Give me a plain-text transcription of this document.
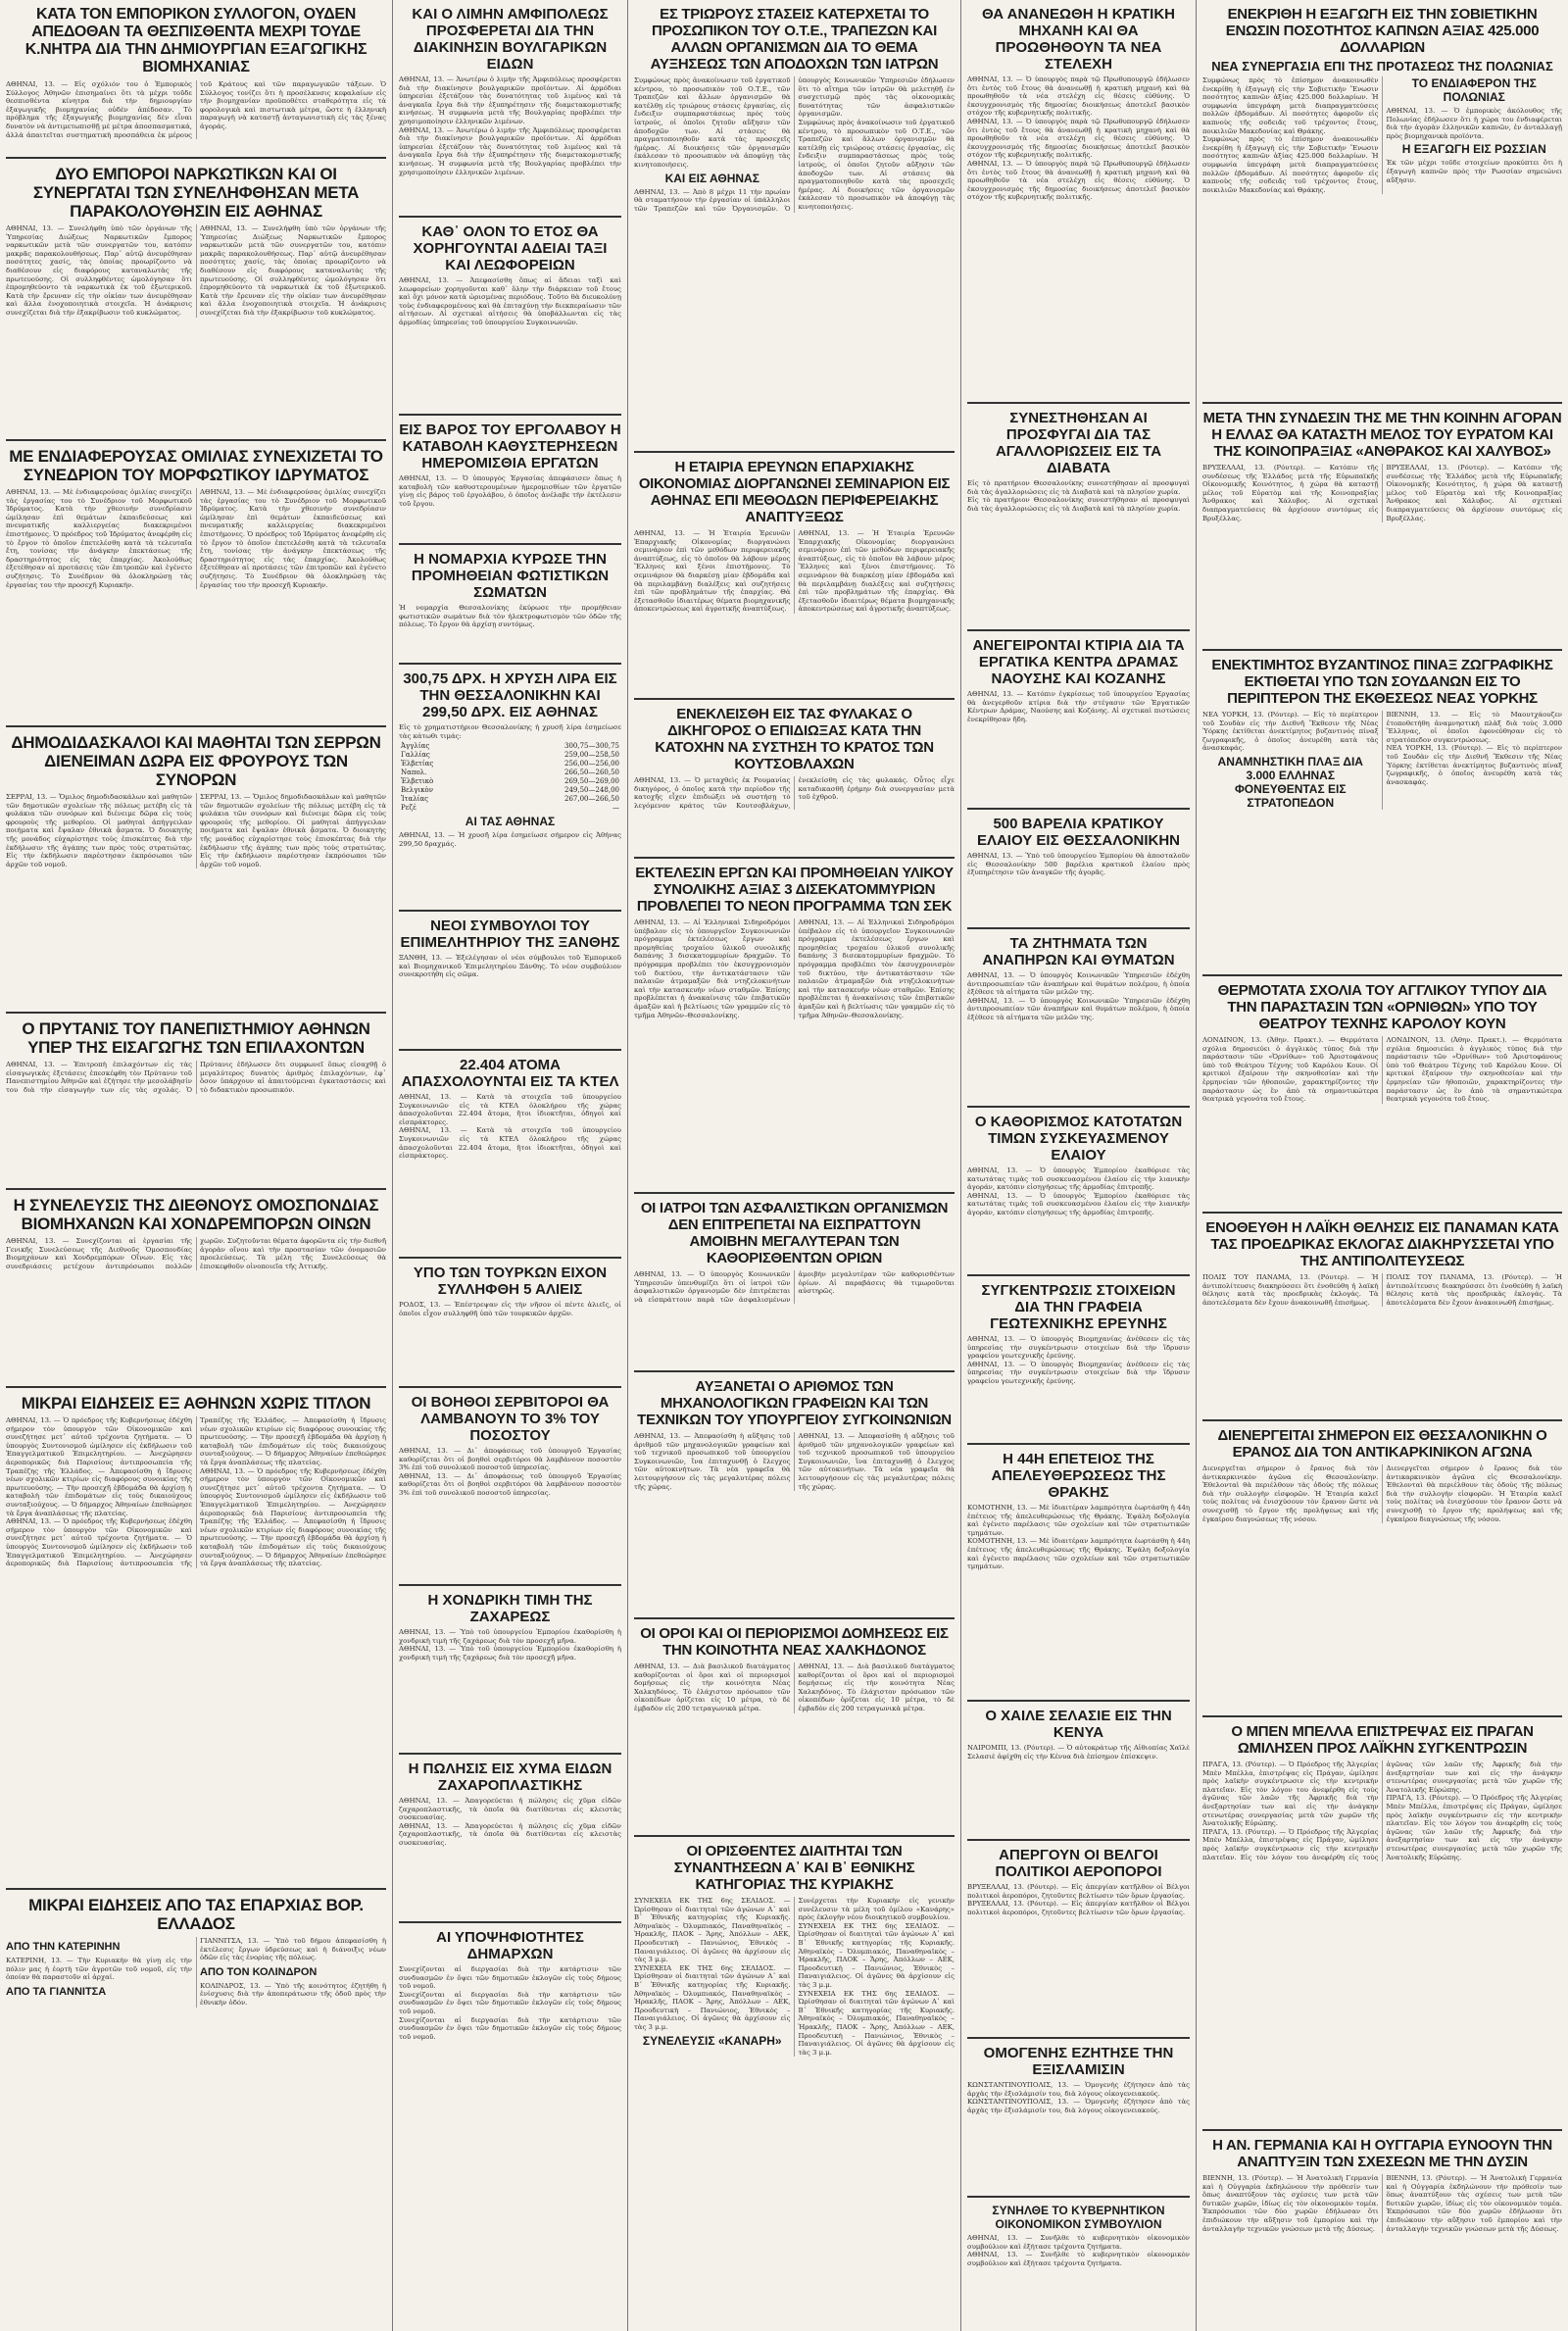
ΚΑΤΑ ΤΟΝ ΕΜΠΟΡΙΚΟΝ ΣΥΛΛΟΓΟΝ, ΟΥΔΕΝ ΑΠΕΔΟΘΑΝ ΤΑ ΘΕΣΠΙΣΘΕΝΤΑ ΜΕΧΡΙ ΤΟΥΔΕ Κ.ΝΗΤΡΑ ΔΙΑ ΤΗΝ ΔΗΜΙΟΥΡΓΙΑΝ ΕΞΑΓΩΓΙΚΗΣ ΒΙΟΜΗΧΑΝΙΑΣ

ΑΘΗΝΑΙ, 13. — Εἰς σχόλιόν του ὁ Ἐμπορικὸς Σύλλογος Ἀθηνῶν ἐπισημαίνει ὅτι τὰ μέχρι τοῦδε θεσπισθέντα κίνητρα διὰ τὴν δημιουργίαν ἐξαγωγικῆς βιομηχανίας οὐδὲν ἀπέδοσαν. Τὸ πρόβλημα τῆς ἐξαγωγικῆς βιομηχανίας δὲν εἶναι δυνατὸν νὰ ἀντιμετωπισθῇ μὲ μέτρα ἀποσπασματικά, ἀλλὰ ἀπαιτεῖται συστηματικὴ προσπάθεια ἐκ μέρους τοῦ Κράτους καὶ τῶν παραγωγικῶν τάξεων. Ὁ Σύλλογος τονίζει ὅτι ἡ προσέλκυσις κεφαλαίων εἰς τὴν βιομηχανίαν προϋποθέτει σταθερότητα εἰς τὰ φορολογικὰ καὶ πιστωτικὰ μέτρα, ὥστε ἡ ἑλληνικὴ παραγωγὴ νὰ καταστῇ ἀνταγωνιστικὴ εἰς τὰς ξένας ἀγοράς.

ΔΥΟ ΕΜΠΟΡΟΙ ΝΑΡΚΩΤΙΚΩΝ ΚΑΙ ΟΙ ΣΥΝΕΡΓΑΤΑΙ ΤΩΝ ΣΥΝΕΛΗΦΘΗΣΑΝ ΜΕΤΑ ΠΑΡΑΚΟΛΟΥΘΗΣΙΝ ΕΙΣ ΑΘΗΝΑΣ

ΑΘΗΝΑΙ, 13. — Συνελήφθη ὑπὸ τῶν ὀργάνων τῆς Ὑπηρεσίας Διώξεως Ναρκωτικῶν ἔμπορος ναρκωτικῶν μετὰ τῶν συνεργατῶν του, κατόπιν μακρᾶς παρακολουθήσεως. Παρ᾽ αὐτῷ ἀνευρέθησαν ποσότητες χασίς, τὰς ὁποίας προωρίζοντο νὰ διαθέσουν εἰς διαφόρους καταναλωτὰς τῆς πρωτευούσης. Οἱ συλληφθέντες ὡμολόγησαν ὅτι ἐπρομηθεύοντο τὰ ναρκωτικὰ ἐκ τοῦ ἐξωτερικοῦ. Κατὰ τὴν ἔρευναν εἰς τὴν οἰκίαν των ἀνευρέθησαν καὶ ἄλλα ἐνοχοποιητικὰ στοιχεῖα. Ἡ ἀνάκρισις συνεχίζεται διὰ τὴν ἐξακρίβωσιν τοῦ κυκλώματος.

ΑΘΗΝΑΙ, 13. — Συνελήφθη ὑπὸ τῶν ὀργάνων τῆς Ὑπηρεσίας Διώξεως Ναρκωτικῶν ἔμπορος ναρκωτικῶν μετὰ τῶν συνεργατῶν του, κατόπιν μακρᾶς παρακολουθήσεως. Παρ᾽ αὐτῷ ἀνευρέθησαν ποσότητες χασίς, τὰς ὁποίας προωρίζοντο νὰ διαθέσουν εἰς διαφόρους καταναλωτὰς τῆς πρωτευούσης. Οἱ συλληφθέντες ὡμολόγησαν ὅτι ἐπρομηθεύοντο τὰ ναρκωτικὰ ἐκ τοῦ ἐξωτερικοῦ. Κατὰ τὴν ἔρευναν εἰς τὴν οἰκίαν των ἀνευρέθησαν καὶ ἄλλα ἐνοχοποιητικὰ στοιχεῖα. Ἡ ἀνάκρισις συνεχίζεται διὰ τὴν ἐξακρίβωσιν τοῦ κυκλώματος.

ΜΕ ΕΝΔΙΑΦΕΡΟΥΣΑΣ ΟΜΙΛΙΑΣ ΣΥΝΕΧΙΖΕΤΑΙ ΤΟ ΣΥΝΕΔΡΙΟΝ ΤΟΥ ΜΟΡΦΩΤΙΚΟΥ ΙΔΡΥΜΑΤΟΣ

ΑΘΗΝΑΙ, 13. — Μὲ ἐνδιαφερούσας ὁμιλίας συνεχίζει τὰς ἐργασίας του τὸ Συνέδριον τοῦ Μορφωτικοῦ Ἱδρύματος. Κατὰ τὴν χθεσινὴν συνεδρίασιν ὡμίλησαν ἐπὶ θεμάτων ἐκπαιδεύσεως καὶ πνευματικῆς καλλιεργείας διακεκριμένοι ἐπιστήμονες. Ὁ πρόεδρος τοῦ Ἱδρύματος ἀνεφέρθη εἰς τὸ ἔργον τὸ ὁποῖον ἐπετελέσθη κατὰ τὰ τελευταῖα ἔτη, τονίσας τὴν ἀνάγκην ἐπεκτάσεως τῆς δραστηριότητος εἰς τὰς ἐπαρχίας. Ἀκολούθως ἐξετέθησαν αἱ προτάσεις τῶν ἐπιτροπῶν καὶ ἐγένετο συζήτησις. Τὸ Συνέδριον θὰ ὁλοκληρώσῃ τὰς ἐργασίας του τὴν προσεχῆ Κυριακήν.

ΑΘΗΝΑΙ, 13. — Μὲ ἐνδιαφερούσας ὁμιλίας συνεχίζει τὰς ἐργασίας του τὸ Συνέδριον τοῦ Μορφωτικοῦ Ἱδρύματος. Κατὰ τὴν χθεσινὴν συνεδρίασιν ὡμίλησαν ἐπὶ θεμάτων ἐκπαιδεύσεως καὶ πνευματικῆς καλλιεργείας διακεκριμένοι ἐπιστήμονες. Ὁ πρόεδρος τοῦ Ἱδρύματος ἀνεφέρθη εἰς τὸ ἔργον τὸ ὁποῖον ἐπετελέσθη κατὰ τὰ τελευταῖα ἔτη, τονίσας τὴν ἀνάγκην ἐπεκτάσεως τῆς δραστηριότητος εἰς τὰς ἐπαρχίας. Ἀκολούθως ἐξετέθησαν αἱ προτάσεις τῶν ἐπιτροπῶν καὶ ἐγένετο συζήτησις. Τὸ Συνέδριον θὰ ὁλοκληρώσῃ τὰς ἐργασίας του τὴν προσεχῆ Κυριακήν.

ΔΗΜΟΔΙΔΑΣΚΑΛΟΙ ΚΑΙ ΜΑΘΗΤΑΙ ΤΩΝ ΣΕΡΡΩΝ ΔΙΕΝΕΙΜΑΝ ΔΩΡΑ ΕΙΣ ΦΡΟΥΡΟΥΣ ΤΩΝ ΣΥΝΟΡΩΝ

ΣΕΡΡΑΙ, 13. — Ὅμιλος δημοδιδασκάλων καὶ μαθητῶν τῶν δημοτικῶν σχολείων τῆς πόλεως μετέβη εἰς τὰ φυλάκια τῶν συνόρων καὶ διένειμε δῶρα εἰς τοὺς φρουροὺς τῆς μεθορίου. Οἱ μαθηταὶ ἀπήγγειλαν ποιήματα καὶ ἔψαλαν ἐθνικὰ ᾄσματα. Ὁ διοικητὴς τῆς μονάδος εὐχαρίστησε τοὺς ἐπισκέπτας διὰ τὴν ἐκδήλωσιν τῆς ἀγάπης των πρὸς τοὺς στρατιώτας. Εἰς τὴν ἐκδήλωσιν παρέστησαν ἐκπρόσωποι τῶν ἀρχῶν τοῦ νομοῦ.

ΣΕΡΡΑΙ, 13. — Ὅμιλος δημοδιδασκάλων καὶ μαθητῶν τῶν δημοτικῶν σχολείων τῆς πόλεως μετέβη εἰς τὰ φυλάκια τῶν συνόρων καὶ διένειμε δῶρα εἰς τοὺς φρουροὺς τῆς μεθορίου. Οἱ μαθηταὶ ἀπήγγειλαν ποιήματα καὶ ἔψαλαν ἐθνικὰ ᾄσματα. Ὁ διοικητὴς τῆς μονάδος εὐχαρίστησε τοὺς ἐπισκέπτας διὰ τὴν ἐκδήλωσιν τῆς ἀγάπης των πρὸς τοὺς στρατιώτας. Εἰς τὴν ἐκδήλωσιν παρέστησαν ἐκπρόσωποι τῶν ἀρχῶν τοῦ νομοῦ.

Ο ΠΡΥΤΑΝΙΣ ΤΟΥ ΠΑΝΕΠΙΣΤΗΜΙΟΥ ΑΘΗΝΩΝ ΥΠΕΡ ΤΗΣ ΕΙΣΑΓΩΓΗΣ ΤΩΝ ΕΠΙΛΑΧΟΝΤΩΝ

ΑΘΗΝΑΙ, 13. — Ἐπιτροπὴ ἐπιλαχόντων εἰς τὰς εἰσαγωγικὰς ἐξετάσεις ἐπεσκέφθη τὸν Πρύτανιν τοῦ Πανεπιστημίου Ἀθηνῶν καὶ ἐζήτησε τὴν μεσολάβησίν του διὰ τὴν εἰσαγωγὴν των εἰς τὰς σχολάς. Ὁ Πρύτανις ἐδήλωσεν ὅτι συμφωνεῖ ὅπως εἰσαχθῇ ὁ μεγαλύτερος δυνατὸς ἀριθμὸς ἐπιλαχόντων, ἐφ᾽ ὅσον ὑπάρχουν αἱ ἀπαιτούμεναι ἐγκαταστάσεις καὶ τὸ διδακτικὸν προσωπικόν.

Η ΣΥΝΕΛΕΥΣΙΣ ΤΗΣ ΔΙΕΘΝΟΥΣ ΟΜΟΣΠΟΝΔΙΑΣ ΒΙΟΜΗΧΑΝΩΝ ΚΑΙ ΧΟΝΔΡΕΜΠΟΡΩΝ ΟΙΝΩΝ

ΑΘΗΝΑΙ, 13. — Συνεχίζονται αἱ ἐργασίαι τῆς Γενικῆς Συνελεύσεως τῆς Διεθνοῦς Ὁμοσπονδίας Βιομηχάνων καὶ Χονδρεμπόρων Οἴνων. Εἰς τὰς συνεδριάσεις μετέχουν ἀντιπρόσωποι πολλῶν χωρῶν. Συζητοῦνται θέματα ἀφορῶντα εἰς τὴν διεθνῆ ἀγορὰν οἴνου καὶ τὴν προστασίαν τῶν ὀνομασιῶν προελεύσεως. Τὰ μέλη τῆς Συνελεύσεως θὰ ἐπισκεφθοῦν οἰνοποιεῖα τῆς Ἀττικῆς.

ΜΙΚΡΑΙ ΕΙΔΗΣΕΙΣ ΕΞ ΑΘΗΝΩΝ ΧΩΡΙΣ ΤΙΤΛΟΝ

ΑΘΗΝΑΙ, 13. — Ὁ πρόεδρος τῆς Κυβερνήσεως ἐδέχθη σήμερον τὸν ὑπουργὸν τῶν Οἰκονομικῶν καὶ συνεζήτησε μετ᾽ αὐτοῦ τρέχοντα ζητήματα. — Ὁ ὑπουργὸς Συντονισμοῦ ὡμίλησεν εἰς ἐκδήλωσιν τοῦ Ἐπαγγελματικοῦ Ἐπιμελητηρίου. — Ἀνεχώρησεν ἀεροπορικῶς διὰ Παρισίους ἀντιπροσωπεία τῆς Τραπέζης τῆς Ἑλλάδος. — Ἀπεφασίσθη ἡ ἵδρυσις νέων σχολικῶν κτιρίων εἰς διαφόρους συνοικίας τῆς πρωτευούσης. — Τὴν προσεχῆ ἑβδομάδα θὰ ἀρχίσῃ ἡ καταβολὴ τῶν ἐπιδομάτων εἰς τοὺς δικαιούχους συνταξιούχους. — Ὁ δήμαρχος Ἀθηναίων ἐπεθεώρησε τὰ ἔργα ἀναπλάσεως τῆς πλατείας.

ΑΘΗΝΑΙ, 13. — Ὁ πρόεδρος τῆς Κυβερνήσεως ἐδέχθη σήμερον τὸν ὑπουργὸν τῶν Οἰκονομικῶν καὶ συνεζήτησε μετ᾽ αὐτοῦ τρέχοντα ζητήματα. — Ὁ ὑπουργὸς Συντονισμοῦ ὡμίλησεν εἰς ἐκδήλωσιν τοῦ Ἐπαγγελματικοῦ Ἐπιμελητηρίου. — Ἀνεχώρησεν ἀεροπορικῶς διὰ Παρισίους ἀντιπροσωπεία τῆς Τραπέζης τῆς Ἑλλάδος. — Ἀπεφασίσθη ἡ ἵδρυσις νέων σχολικῶν κτιρίων εἰς διαφόρους συνοικίας τῆς πρωτευούσης. — Τὴν προσεχῆ ἑβδομάδα θὰ ἀρχίσῃ ἡ καταβολὴ τῶν ἐπιδομάτων εἰς τοὺς δικαιούχους συνταξιούχους. — Ὁ δήμαρχος Ἀθηναίων ἐπεθεώρησε τὰ ἔργα ἀναπλάσεως τῆς πλατείας.

ΑΘΗΝΑΙ, 13. — Ὁ πρόεδρος τῆς Κυβερνήσεως ἐδέχθη σήμερον τὸν ὑπουργὸν τῶν Οἰκονομικῶν καὶ συνεζήτησε μετ᾽ αὐτοῦ τρέχοντα ζητήματα. — Ὁ ὑπουργὸς Συντονισμοῦ ὡμίλησεν εἰς ἐκδήλωσιν τοῦ Ἐπαγγελματικοῦ Ἐπιμελητηρίου. — Ἀνεχώρησεν ἀεροπορικῶς διὰ Παρισίους ἀντιπροσωπεία τῆς Τραπέζης τῆς Ἑλλάδος. — Ἀπεφασίσθη ἡ ἵδρυσις νέων σχολικῶν κτιρίων εἰς διαφόρους συνοικίας τῆς πρωτευούσης. — Τὴν προσεχῆ ἑβδομάδα θὰ ἀρχίσῃ ἡ καταβολὴ τῶν ἐπιδομάτων εἰς τοὺς δικαιούχους συνταξιούχους. — Ὁ δήμαρχος Ἀθηναίων ἐπεθεώρησε τὰ ἔργα ἀναπλάσεως τῆς πλατείας.

ΜΙΚΡΑΙ ΕΙΔΗΣΕΙΣ ΑΠΟ ΤΑΣ ΕΠΑΡΧΙΑΣ ΒΟΡ. ΕΛΛΑΔΟΣ
ΑΠΟ ΤΗΝ ΚΑΤΕΡΙΝΗΝ

ΚΑΤΕΡΙΝΗ, 13. — Τὴν Κυριακὴν θὰ γίνῃ εἰς τὴν πόλιν μας ἡ ἑορτὴ τῶν ἀγροτῶν τοῦ νομοῦ, εἰς τὴν ὁποίαν θὰ παραστοῦν αἱ ἀρχαί.

ΑΠΟ ΤΑ ΓΙΑΝΝΙΤΣΑ

ΓΙΑΝΝΙΤΣΑ, 13. — Ὑπὸ τοῦ δήμου ἀπεφασίσθη ἡ ἐκτέλεσις ἔργων ὑδρεύσεως καὶ ἡ διάνοιξις νέων ὁδῶν εἰς τὰς ἐνορίας τῆς πόλεως.

ΑΠΟ ΤΟΝ ΚΟΛΙΝΔΡΟΝ

ΚΟΛΙΝΔΡΟΣ, 13. — Ὑπὸ τῆς κοινότητος ἐζητήθη ἡ ἐνίσχυσις διὰ τὴν ἀποπεράτωσιν τῆς ὁδοῦ πρὸς τὴν ἐθνικὴν ὁδόν.

ΚΑΙ Ο ΛΙΜΗΝ ΑΜΦΙΠΟΛΕΩΣ ΠΡΟΣΦΕΡΕΤΑΙ ΔΙΑ ΤΗΝ ΔΙΑΚΙΝΗΣΙΝ ΒΟΥΛΓΑΡΙΚΩΝ ΕΙΔΩΝ

ΑΘΗΝΑΙ, 13. — Ἀνωτέρω ὁ λιμὴν τῆς Ἀμφιπόλεως προσφέρεται διὰ τὴν διακίνησιν βουλγαρικῶν προϊόντων. Αἱ ἁρμόδιαι ὑπηρεσίαι ἐξετάζουν τὰς δυνατότητας τοῦ λιμένος καὶ τὰ ἀναγκαῖα ἔργα διὰ τὴν ἐξυπηρέτησιν τῆς διαμετακομιστικῆς κινήσεως. Ἡ συμφωνία μετὰ τῆς Βουλγαρίας προβλέπει τὴν χρησιμοποίησιν ἑλληνικῶν λιμένων.

ΑΘΗΝΑΙ, 13. — Ἀνωτέρω ὁ λιμὴν τῆς Ἀμφιπόλεως προσφέρεται διὰ τὴν διακίνησιν βουλγαρικῶν προϊόντων. Αἱ ἁρμόδιαι ὑπηρεσίαι ἐξετάζουν τὰς δυνατότητας τοῦ λιμένος καὶ τὰ ἀναγκαῖα ἔργα διὰ τὴν ἐξυπηρέτησιν τῆς διαμετακομιστικῆς κινήσεως. Ἡ συμφωνία μετὰ τῆς Βουλγαρίας προβλέπει τὴν χρησιμοποίησιν ἑλληνικῶν λιμένων.

ΚΑΘ᾽ ΟΛΟΝ ΤΟ ΕΤΟΣ ΘΑ ΧΟΡΗΓΟΥΝΤΑΙ ΑΔΕΙΑΙ ΤΑΞΙ ΚΑΙ ΛΕΩΦΟΡΕΙΩΝ

ΑΘΗΝΑΙ, 13. — Ἀπεφασίσθη ὅπως αἱ ἄδειαι ταξὶ καὶ λεωφορείων χορηγοῦνται καθ᾽ ὅλην τὴν διάρκειαν τοῦ ἔτους καὶ ὄχι μόνον κατὰ ὡρισμένας περιόδους. Τοῦτο θὰ διευκολύνῃ τοὺς ἐνδιαφερομένους καὶ θὰ ἐπιταχύνῃ τὴν διεκπεραίωσιν τῶν αἰτήσεων. Αἱ σχετικαὶ αἰτήσεις θὰ ὑποβάλλωνται εἰς τὰς ἁρμοδίας ὑπηρεσίας τοῦ ὑπουργείου Συγκοινωνιῶν.

ΕΙΣ ΒΑΡΟΣ ΤΟΥ ΕΡΓΟΛΑΒΟΥ Η ΚΑΤΑΒΟΛΗ ΚΑΘΥΣΤΕΡΗΣΕΩΝ ΗΜΕΡΟΜΙΣΘΙΑ ΕΡΓΑΤΩΝ

ΑΘΗΝΑΙ, 13. — Ὁ ὑπουργὸς Ἐργασίας ἀπεφάσισεν ὅπως ἡ καταβολὴ τῶν καθυστερουμένων ἡμερομισθίων τῶν ἐργατῶν γίνῃ εἰς βάρος τοῦ ἐργολάβου, ὁ ὁποῖος ἀνέλαβε τὴν ἐκτέλεσιν τοῦ ἔργου.

Η ΝΟΜΑΡΧΙΑ ΚΥΡΩΣΕ ΤΗΝ ΠΡΟΜΗΘΕΙΑΝ ΦΩΤΙΣΤΙΚΩΝ ΣΩΜΑΤΩΝ

Ἡ νομαρχία Θεσσαλονίκης ἐκύρωσε τὴν προμήθειαν φωτιστικῶν σωμάτων διὰ τὸν ἠλεκτροφωτισμὸν τῶν ὁδῶν τῆς πόλεως. Τὸ ἔργον θὰ ἀρχίσῃ συντόμως.

300,75 ΔΡΧ. Η ΧΡΥΣΗ ΛΙΡΑ ΕΙΣ ΤΗΝ ΘΕΣΣΑΛΟΝΙΚΗΝ ΚΑΙ 299,50 ΔΡΧ. ΕΙΣ ΑΘΗΝΑΣ

Εἰς τὸ χρηματιστήριον Θεσσαλονίκης ἡ χρυσῆ λίρα ἐσημείωσε τὰς κάτωθι τιμάς:

Ἀγγλίας	300,75—300,75
Γαλλίας	259,00—258,50
Ἑλβετίας	256,00—256,00
Ναπολ.	266,50—260,50
Ἑλβετικὸ	269,50—269,00
Βελγικὸν	249,50—248,00
Ἰταλίας	267,00—266,50
Ρεζέ	—
ΑΙ ΤΑΣ ΑΘΗΝΑΣ

ΑΘΗΝΑΙ, 13. — Ἡ χρυσῆ λίρα ἐσημείωσε σήμερον εἰς Ἀθήνας 299,50 δραχμάς.

ΝΕΟΙ ΣΥΜΒΟΥΛΟΙ ΤΟΥ ΕΠΙΜΕΛΗΤΗΡΙΟΥ ΤΗΣ ΞΑΝΘΗΣ

ΞΑΝΘΗ, 13. — Ἐξελέγησαν οἱ νέοι σύμβουλοι τοῦ Ἐμπορικοῦ καὶ Βιομηχανικοῦ Ἐπιμελητηρίου Ξάνθης. Τὸ νέον συμβούλιον συνεκροτήθη εἰς σῶμα.

22.404 ΑΤΟΜΑ ΑΠΑΣΧΟΛΟΥΝΤΑΙ ΕΙΣ ΤΑ ΚΤΕΛ

ΑΘΗΝΑΙ, 13. — Κατὰ τὰ στοιχεῖα τοῦ ὑπουργείου Συγκοινωνιῶν εἰς τὰ ΚΤΕΛ ὁλοκλήρου τῆς χώρας ἀπασχολοῦνται 22.404 ἄτομα, ἤτοι ἰδιοκτῆται, ὁδηγοὶ καὶ εἰσπράκτορες.

ΑΘΗΝΑΙ, 13. — Κατὰ τὰ στοιχεῖα τοῦ ὑπουργείου Συγκοινωνιῶν εἰς τὰ ΚΤΕΛ ὁλοκλήρου τῆς χώρας ἀπασχολοῦνται 22.404 ἄτομα, ἤτοι ἰδιοκτῆται, ὁδηγοὶ καὶ εἰσπράκτορες.

ΥΠΟ ΤΩΝ ΤΟΥΡΚΩΝ ΕΙΧΟΝ ΣΥΛΛΗΦΘΗ 5 ΑΛΙΕΙΣ

ΡΟΔΟΣ, 13. — Ἐπέστρεψαν εἰς τὴν νῆσον οἱ πέντε ἁλιεῖς, οἱ ὁποῖοι εἶχον συλληφθῆ ὑπὸ τῶν τουρκικῶν ἀρχῶν.

ΟΙ ΒΟΗΘΟΙ ΣΕΡΒΙΤΟΡΟΙ ΘΑ ΛΑΜΒΑΝΟΥΝ ΤΟ 3% ΤΟΥ ΠΟΣΟΣΤΟΥ

ΑΘΗΝΑΙ, 13. — Δι᾽ ἀποφάσεως τοῦ ὑπουργοῦ Ἐργασίας καθορίζεται ὅτι οἱ βοηθοὶ σερβιτόροι θὰ λαμβάνουν ποσοστὸν 3% ἐπὶ τοῦ συνολικοῦ ποσοστοῦ ὑπηρεσίας.

ΑΘΗΝΑΙ, 13. — Δι᾽ ἀποφάσεως τοῦ ὑπουργοῦ Ἐργασίας καθορίζεται ὅτι οἱ βοηθοὶ σερβιτόροι θὰ λαμβάνουν ποσοστὸν 3% ἐπὶ τοῦ συνολικοῦ ποσοστοῦ ὑπηρεσίας.

Η ΧΟΝΔΡΙΚΗ ΤΙΜΗ ΤΗΣ ΖΑΧΑΡΕΩΣ

ΑΘΗΝΑΙ, 13. — Ὑπὸ τοῦ ὑπουργείου Ἐμπορίου ἐκαθορίσθη ἡ χονδρικὴ τιμὴ τῆς ζαχάρεως διὰ τὸν προσεχῆ μῆνα.

ΑΘΗΝΑΙ, 13. — Ὑπὸ τοῦ ὑπουργείου Ἐμπορίου ἐκαθορίσθη ἡ χονδρικὴ τιμὴ τῆς ζαχάρεως διὰ τὸν προσεχῆ μῆνα.

Η ΠΩΛΗΣΙΣ ΕΙΣ ΧΥΜΑ ΕΙΔΩΝ ΖΑΧΑΡΟΠΛΑΣΤΙΚΗΣ

ΑΘΗΝΑΙ, 13. — Ἀπαγορεύεται ἡ πώλησις εἰς χῦμα εἰδῶν ζαχαροπλαστικῆς, τὰ ὁποῖα θὰ διατίθενται εἰς κλειστὰς συσκευασίας.

ΑΘΗΝΑΙ, 13. — Ἀπαγορεύεται ἡ πώλησις εἰς χῦμα εἰδῶν ζαχαροπλαστικῆς, τὰ ὁποῖα θὰ διατίθενται εἰς κλειστὰς συσκευασίας.

ΑΙ ΥΠΟΨΗΦΙΟΤΗΤΕΣ ΔΗΜΑΡΧΩΝ

Συνεχίζονται αἱ διεργασίαι διὰ τὴν κατάρτισιν τῶν συνδυασμῶν ἐν ὄψει τῶν δημοτικῶν ἐκλογῶν εἰς τοὺς δήμους τοῦ νομοῦ.

Συνεχίζονται αἱ διεργασίαι διὰ τὴν κατάρτισιν τῶν συνδυασμῶν ἐν ὄψει τῶν δημοτικῶν ἐκλογῶν εἰς τοὺς δήμους τοῦ νομοῦ.

Συνεχίζονται αἱ διεργασίαι διὰ τὴν κατάρτισιν τῶν συνδυασμῶν ἐν ὄψει τῶν δημοτικῶν ἐκλογῶν εἰς τοὺς δήμους τοῦ νομοῦ.

ΕΣ ΤΡΙΩΡΟΥΣ ΣΤΑΣΕΙΣ ΚΑΤΕΡΧΕΤΑΙ ΤΟ ΠΡΟΣΩΠΙΚΟΝ ΤΟΥ Ο.Τ.Ε., ΤΡΑΠΕΖΩΝ ΚΑΙ ΑΛΛΩΝ ΟΡΓΑΝΙΣΜΩΝ ΔΙΑ ΤΟ ΘΕΜΑ ΑΥΞΗΣΕΩΣ ΤΩΝ ΑΠΟΔΟΧΩΝ ΤΩΝ ΙΑΤΡΩΝ

Συμφώνως πρὸς ἀνακοίνωσιν τοῦ ἐργατικοῦ κέντρου, τὸ προσωπικὸν τοῦ Ο.Τ.Ε., τῶν Τραπεζῶν καὶ ἄλλων ὀργανισμῶν θὰ κατέλθῃ εἰς τριώρους στάσεις ἐργασίας, εἰς ἔνδειξιν συμπαραστάσεως πρὸς τοὺς ἰατρούς, οἱ ὁποῖοι ζητοῦν αὔξησιν τῶν ἀποδοχῶν των. Αἱ στάσεις θὰ πραγματοποιηθοῦν κατὰ τὰς προσεχεῖς ἡμέρας. Αἱ διοικήσεις τῶν ὀργανισμῶν ἐκάλεσαν τὸ προσωπικὸν νὰ ἀποφύγῃ τὰς κινητοποιήσεις.

ΚΑΙ ΕΙΣ ΑΘΗΝΑΣ

ΑΘΗΝΑΙ, 13. — Ἀπὸ 8 μέχρι 11 τὴν πρωίαν θὰ σταματήσουν τὴν ἐργασίαν οἱ ὑπάλληλοι τῶν Τραπεζῶν καὶ τῶν Ὀργανισμῶν. Ὁ ὑπουργὸς Κοινωνικῶν Ὑπηρεσιῶν ἐδήλωσεν ὅτι τὸ αἴτημα τῶν ἰατρῶν θὰ μελετηθῇ ἐν συσχετισμῷ πρὸς τὰς οἰκονομικὰς δυνατότητας τῶν ἀσφαλιστικῶν ὀργανισμῶν.

Συμφώνως πρὸς ἀνακοίνωσιν τοῦ ἐργατικοῦ κέντρου, τὸ προσωπικὸν τοῦ Ο.Τ.Ε., τῶν Τραπεζῶν καὶ ἄλλων ὀργανισμῶν θὰ κατέλθῃ εἰς τριώρους στάσεις ἐργασίας, εἰς ἔνδειξιν συμπαραστάσεως πρὸς τοὺς ἰατρούς, οἱ ὁποῖοι ζητοῦν αὔξησιν τῶν ἀποδοχῶν των. Αἱ στάσεις θὰ πραγματοποιηθοῦν κατὰ τὰς προσεχεῖς ἡμέρας. Αἱ διοικήσεις τῶν ὀργανισμῶν ἐκάλεσαν τὸ προσωπικὸν νὰ ἀποφύγῃ τὰς κινητοποιήσεις.

Η ΕΤΑΙΡΙΑ ΕΡΕΥΝΩΝ ΕΠΑΡΧΙΑΚΗΣ ΟΙΚΟΝΟΜΙΑΣ ΔΙΟΡΓΑΝΩΝΕΙ ΣΕΜΙΝΑΡΙΟΝ ΕΙΣ ΑΘΗΝΑΣ ΕΠΙ ΜΕΘΟΔΩΝ ΠΕΡΙΦΕΡΕΙΑΚΗΣ ΑΝΑΠΤΥΞΕΩΣ

ΑΘΗΝΑΙ, 13. — Ἡ Ἑταιρία Ἐρευνῶν Ἐπαρχιακῆς Οἰκονομίας διοργανώνει σεμινάριον ἐπὶ τῶν μεθόδων περιφερειακῆς ἀναπτύξεως, εἰς τὸ ὁποῖον θὰ λάβουν μέρος Ἕλληνες καὶ ξένοι ἐπιστήμονες. Τὸ σεμινάριον θὰ διαρκέσῃ μίαν ἑβδομάδα καὶ θὰ περιλαμβάνῃ διαλέξεις καὶ συζητήσεις ἐπὶ τῶν προβλημάτων τῆς ἐπαρχίας. Θὰ ἐξετασθοῦν ἰδιαιτέρως θέματα βιομηχανικῆς ἀποκεντρώσεως καὶ ἀγροτικῆς ἀναπτύξεως.

ΑΘΗΝΑΙ, 13. — Ἡ Ἑταιρία Ἐρευνῶν Ἐπαρχιακῆς Οἰκονομίας διοργανώνει σεμινάριον ἐπὶ τῶν μεθόδων περιφερειακῆς ἀναπτύξεως, εἰς τὸ ὁποῖον θὰ λάβουν μέρος Ἕλληνες καὶ ξένοι ἐπιστήμονες. Τὸ σεμινάριον θὰ διαρκέσῃ μίαν ἑβδομάδα καὶ θὰ περιλαμβάνῃ διαλέξεις καὶ συζητήσεις ἐπὶ τῶν προβλημάτων τῆς ἐπαρχίας. Θὰ ἐξετασθοῦν ἰδιαιτέρως θέματα βιομηχανικῆς ἀποκεντρώσεως καὶ ἀγροτικῆς ἀναπτύξεως.

ΕΝΕΚΛΕΙΣΘΗ ΕΙΣ ΤΑΣ ΦΥΛΑΚΑΣ Ο ΔΙΚΗΓΟΡΟΣ Ο ΕΠΙΔΙΩΞΑΣ ΚΑΤΑ ΤΗΝ ΚΑΤΟΧΗΝ ΝΑ ΣΥΣΤΗΣΗ ΤΟ ΚΡΑΤΟΣ ΤΩΝ ΚΟΥΤΣΟΒΛΑΧΩΝ

ΑΘΗΝΑΙ, 13. — Ὁ μεταχθεὶς ἐκ Ρουμανίας δικηγόρος, ὁ ὁποῖος κατὰ τὴν περίοδον τῆς κατοχῆς εἶχεν ἐπιδιώξει νὰ συστήσῃ τὸ λεγόμενον κράτος τῶν Κουτσοβλάχων, ἐνεκλείσθη εἰς τὰς φυλακάς. Οὗτος εἶχε καταδικασθῆ ἐρήμην διὰ συνεργασίαν μετὰ τοῦ ἐχθροῦ.

ΕΚΤΕΛΕΣΙΝ ΕΡΓΩΝ ΚΑΙ ΠΡΟΜΗΘΕΙΑΝ ΥΛΙΚΟΥ ΣΥΝΟΛΙΚΗΣ ΑΞΙΑΣ 3 ΔΙΣΕΚΑΤΟΜΜΥΡΙΩΝ ΠΡΟΒΛΕΠΕΙ ΤΟ ΝΕΟΝ ΠΡΟΓΡΑΜΜΑ ΤΩΝ ΣΕΚ

ΑΘΗΝΑΙ, 13. — Αἱ Ἑλληνικαὶ Σιδηροδρόμοι ὑπέβαλον εἰς τὸ ὑπουργεῖον Συγκοινωνιῶν πρόγραμμα ἐκτελέσεως ἔργων καὶ προμηθείας τροχαίου ὑλικοῦ συνολικῆς δαπάνης 3 δισεκατομμυρίων δραχμῶν. Τὸ πρόγραμμα προβλέπει τὸν ἐκσυγχρονισμὸν τοῦ δικτύου, τὴν ἀντικατάστασιν τῶν παλαιῶν ἀτμαμαξῶν διὰ ντηζελοκινήτων καὶ τὴν κατασκευὴν νέων σταθμῶν. Ἐπίσης προβλέπεται ἡ ἀνακαίνισις τῶν ἐπιβατικῶν ἁμαξῶν καὶ ἡ βελτίωσις τῶν γραμμῶν εἰς τὸ τμῆμα Ἀθηνῶν–Θεσσαλονίκης.

ΑΘΗΝΑΙ, 13. — Αἱ Ἑλληνικαὶ Σιδηροδρόμοι ὑπέβαλον εἰς τὸ ὑπουργεῖον Συγκοινωνιῶν πρόγραμμα ἐκτελέσεως ἔργων καὶ προμηθείας τροχαίου ὑλικοῦ συνολικῆς δαπάνης 3 δισεκατομμυρίων δραχμῶν. Τὸ πρόγραμμα προβλέπει τὸν ἐκσυγχρονισμὸν τοῦ δικτύου, τὴν ἀντικατάστασιν τῶν παλαιῶν ἀτμαμαξῶν διὰ ντηζελοκινήτων καὶ τὴν κατασκευὴν νέων σταθμῶν. Ἐπίσης προβλέπεται ἡ ἀνακαίνισις τῶν ἐπιβατικῶν ἁμαξῶν καὶ ἡ βελτίωσις τῶν γραμμῶν εἰς τὸ τμῆμα Ἀθηνῶν–Θεσσαλονίκης.

ΟΙ ΙΑΤΡΟΙ ΤΩΝ ΑΣΦΑΛΙΣΤΙΚΩΝ ΟΡΓΑΝΙΣΜΩΝ ΔΕΝ ΕΠΙΤΡΕΠΕΤΑΙ ΝΑ ΕΙΣΠΡΑΤΤΟΥΝ ΑΜΟΙΒΗΝ ΜΕΓΑΛΥΤΕΡΑΝ ΤΩΝ ΚΑΘΟΡΙΣΘΕΝΤΩΝ ΟΡΙΩΝ

ΑΘΗΝΑΙ, 13. — Ὁ ὑπουργὸς Κοινωνικῶν Ὑπηρεσιῶν ὑπενθυμίζει ὅτι οἱ ἰατροὶ τῶν ἀσφαλιστικῶν ὀργανισμῶν δὲν ἐπιτρέπεται νὰ εἰσπράττουν παρὰ τῶν ἀσφαλισμένων ἀμοιβὴν μεγαλυτέραν τῶν καθορισθέντων ὁρίων. Αἱ παραβάσεις θὰ τιμωροῦνται αὐστηρῶς.

ΑΥΞΑΝΕΤΑΙ Ο ΑΡΙΘΜΟΣ ΤΩΝ ΜΗΧΑΝΟΛΟΓΙΚΩΝ ΓΡΑΦΕΙΩΝ ΚΑΙ ΤΩΝ ΤΕΧΝΙΚΩΝ ΤΟΥ ΥΠΟΥΡΓΕΙΟΥ ΣΥΓΚΟΙΝΩΝΙΩΝ

ΑΘΗΝΑΙ, 13. — Ἀπεφασίσθη ἡ αὔξησις τοῦ ἀριθμοῦ τῶν μηχανολογικῶν γραφείων καὶ τοῦ τεχνικοῦ προσωπικοῦ τοῦ ὑπουργείου Συγκοινωνιῶν, ἵνα ἐπιταχυνθῇ ὁ ἔλεγχος τῶν αὐτοκινήτων. Τὰ νέα γραφεῖα θὰ λειτουργήσουν εἰς τὰς μεγαλυτέρας πόλεις τῆς χώρας.

ΑΘΗΝΑΙ, 13. — Ἀπεφασίσθη ἡ αὔξησις τοῦ ἀριθμοῦ τῶν μηχανολογικῶν γραφείων καὶ τοῦ τεχνικοῦ προσωπικοῦ τοῦ ὑπουργείου Συγκοινωνιῶν, ἵνα ἐπιταχυνθῇ ὁ ἔλεγχος τῶν αὐτοκινήτων. Τὰ νέα γραφεῖα θὰ λειτουργήσουν εἰς τὰς μεγαλυτέρας πόλεις τῆς χώρας.

ΟΙ ΟΡΟΙ ΚΑΙ ΟΙ ΠΕΡΙΟΡΙΣΜΟΙ ΔΟΜΗΣΕΩΣ ΕΙΣ ΤΗΝ ΚΟΙΝΟΤΗΤΑ ΝΕΑΣ ΧΑΛΚΗΔΟΝΟΣ

ΑΘΗΝΑΙ, 13. — Διὰ βασιλικοῦ διατάγματος καθορίζονται οἱ ὅροι καὶ οἱ περιορισμοὶ δομήσεως εἰς τὴν κοινότητα Νέας Χαλκηδόνος. Τὸ ἐλάχιστον πρόσωπον τῶν οἰκοπέδων ὁρίζεται εἰς 10 μέτρα, τὸ δὲ ἐμβαδὸν εἰς 200 τετραγωνικὰ μέτρα.

ΑΘΗΝΑΙ, 13. — Διὰ βασιλικοῦ διατάγματος καθορίζονται οἱ ὅροι καὶ οἱ περιορισμοὶ δομήσεως εἰς τὴν κοινότητα Νέας Χαλκηδόνος. Τὸ ἐλάχιστον πρόσωπον τῶν οἰκοπέδων ὁρίζεται εἰς 10 μέτρα, τὸ δὲ ἐμβαδὸν εἰς 200 τετραγωνικὰ μέτρα.

ΟΙ ΟΡΙΣΘΕΝΤΕΣ ΔΙΑΙΤΗΤΑΙ ΤΩΝ ΣΥΝΑΝΤΗΣΕΩΝ Α᾽ ΚΑΙ Β᾽ ΕΘΝΙΚΗΣ ΚΑΤΗΓΟΡΙΑΣ ΤΗΣ ΚΥΡΙΑΚΗΣ

ΣΥΝΕΧΕΙΑ ΕΚ ΤΗΣ 6ης ΣΕΛΙΔΟΣ. — Ὡρίσθησαν οἱ διαιτηταὶ τῶν ἀγώνων Α᾽ καὶ Β᾽ Ἐθνικῆς κατηγορίας τῆς Κυριακῆς. Ἀθηναϊκὸς – Ὀλυμπιακός, Παναθηναϊκὸς – Ἡρακλῆς, ΠΑΟΚ – Ἄρης, Ἀπόλλων – ΑΕΚ, Προοδευτικὴ – Πανιώνιος, Ἐθνικὸς – Παναιγιάλειος. Οἱ ἀγῶνες θὰ ἀρχίσουν εἰς τὰς 3 μ.μ.

ΣΥΝΕΧΕΙΑ ΕΚ ΤΗΣ 6ης ΣΕΛΙΔΟΣ. — Ὡρίσθησαν οἱ διαιτηταὶ τῶν ἀγώνων Α᾽ καὶ Β᾽ Ἐθνικῆς κατηγορίας τῆς Κυριακῆς. Ἀθηναϊκὸς – Ὀλυμπιακός, Παναθηναϊκὸς – Ἡρακλῆς, ΠΑΟΚ – Ἄρης, Ἀπόλλων – ΑΕΚ, Προοδευτικὴ – Πανιώνιος, Ἐθνικὸς – Παναιγιάλειος. Οἱ ἀγῶνες θὰ ἀρχίσουν εἰς τὰς 3 μ.μ.

ΣΥΝΕΛΕΥΣΙΣ «ΚΑΝΑΡΗ»

Συνέρχεται τὴν Κυριακὴν εἰς γενικὴν συνέλευσιν τὰ μέλη τοῦ ὁμίλου «Κανάρης» πρὸς ἐκλογὴν νέου διοικητικοῦ συμβουλίου.

ΣΥΝΕΧΕΙΑ ΕΚ ΤΗΣ 6ης ΣΕΛΙΔΟΣ. — Ὡρίσθησαν οἱ διαιτηταὶ τῶν ἀγώνων Α᾽ καὶ Β᾽ Ἐθνικῆς κατηγορίας τῆς Κυριακῆς. Ἀθηναϊκὸς – Ὀλυμπιακός, Παναθηναϊκὸς – Ἡρακλῆς, ΠΑΟΚ – Ἄρης, Ἀπόλλων – ΑΕΚ, Προοδευτικὴ – Πανιώνιος, Ἐθνικὸς – Παναιγιάλειος. Οἱ ἀγῶνες θὰ ἀρχίσουν εἰς τὰς 3 μ.μ.

ΣΥΝΕΧΕΙΑ ΕΚ ΤΗΣ 6ης ΣΕΛΙΔΟΣ. — Ὡρίσθησαν οἱ διαιτηταὶ τῶν ἀγώνων Α᾽ καὶ Β᾽ Ἐθνικῆς κατηγορίας τῆς Κυριακῆς. Ἀθηναϊκὸς – Ὀλυμπιακός, Παναθηναϊκὸς – Ἡρακλῆς, ΠΑΟΚ – Ἄρης, Ἀπόλλων – ΑΕΚ, Προοδευτικὴ – Πανιώνιος, Ἐθνικὸς – Παναιγιάλειος. Οἱ ἀγῶνες θὰ ἀρχίσουν εἰς τὰς 3 μ.μ.

ΘΑ ΑΝΑΝΕΩΘΗ Η ΚΡΑΤΙΚΗ ΜΗΧΑΝΗ ΚΑΙ ΘΑ ΠΡΟΩΘΗΘΟΥΝ ΤΑ ΝΕΑ ΣΤΕΛΕΧΗ

ΑΘΗΝΑΙ, 13. — Ὁ ὑπουργὸς παρὰ τῷ Πρωθυπουργῷ ἐδήλωσεν ὅτι ἐντὸς τοῦ ἔτους θὰ ἀνανεωθῇ ἡ κρατικὴ μηχανὴ καὶ θὰ προωθηθοῦν τὰ νέα στελέχη εἰς θέσεις εὐθύνης. Ὁ ἐκσυγχρονισμὸς τῆς δημοσίας διοικήσεως ἀποτελεῖ βασικὸν στόχον τῆς κυβερνητικῆς πολιτικῆς.

ΑΘΗΝΑΙ, 13. — Ὁ ὑπουργὸς παρὰ τῷ Πρωθυπουργῷ ἐδήλωσεν ὅτι ἐντὸς τοῦ ἔτους θὰ ἀνανεωθῇ ἡ κρατικὴ μηχανὴ καὶ θὰ προωθηθοῦν τὰ νέα στελέχη εἰς θέσεις εὐθύνης. Ὁ ἐκσυγχρονισμὸς τῆς δημοσίας διοικήσεως ἀποτελεῖ βασικὸν στόχον τῆς κυβερνητικῆς πολιτικῆς.

ΑΘΗΝΑΙ, 13. — Ὁ ὑπουργὸς παρὰ τῷ Πρωθυπουργῷ ἐδήλωσεν ὅτι ἐντὸς τοῦ ἔτους θὰ ἀνανεωθῇ ἡ κρατικὴ μηχανὴ καὶ θὰ προωθηθοῦν τὰ νέα στελέχη εἰς θέσεις εὐθύνης. Ὁ ἐκσυγχρονισμὸς τῆς δημοσίας διοικήσεως ἀποτελεῖ βασικὸν στόχον τῆς κυβερνητικῆς πολιτικῆς.

ΣΥΝΕΣΤΗΘΗΣΑΝ ΑΙ ΠΡΟΣΦΥΓΑΙ ΔΙΑ ΤΑΣ ΑΓΑΛΛΟΡΙΩΣΕΙΣ ΕΙΣ ΤΑ ΔΙΑΒΑΤΑ

Εἰς τὸ πρατήριον Θεσσαλονίκης συνεστήθησαν αἱ προσφυγαὶ διὰ τὰς ἀγαλλοριώσεις εἰς τὰ Διαβατὰ καὶ τὰ πλησίον χωρία.

Εἰς τὸ πρατήριον Θεσσαλονίκης συνεστήθησαν αἱ προσφυγαὶ διὰ τὰς ἀγαλλοριώσεις εἰς τὰ Διαβατὰ καὶ τὰ πλησίον χωρία.

ΑΝΕΓΕΙΡΟΝΤΑΙ ΚΤΙΡΙΑ ΔΙΑ ΤΑ ΕΡΓΑΤΙΚΑ ΚΕΝΤΡΑ ΔΡΑΜΑΣ ΝΑΟΥΣΗΣ ΚΑΙ ΚΟΖΑΝΗΣ

ΑΘΗΝΑΙ, 13. — Κατόπιν ἐγκρίσεως τοῦ ὑπουργείου Ἐργασίας θὰ ἀνεγερθοῦν κτίρια διὰ τὴν στέγασιν τῶν Ἐργατικῶν Κέντρων Δράμας, Ναούσης καὶ Κοζάνης. Αἱ σχετικαὶ πιστώσεις ἐνεκρίθησαν ἤδη.

500 ΒΑΡΕΛΙΑ ΚΡΑΤΙΚΟΥ ΕΛΑΙΟΥ ΕΙΣ ΘΕΣΣΑΛΟΝΙΚΗΝ

ΑΘΗΝΑΙ, 13. — Ὑπὸ τοῦ ὑπουργείου Ἐμπορίου θὰ ἀποσταλοῦν εἰς Θεσσαλονίκην 500 βαρέλια κρατικοῦ ἐλαίου πρὸς ἐξυπηρέτησιν τῶν ἀναγκῶν τῆς ἀγορᾶς.

ΤΑ ΖΗΤΗΜΑΤΑ ΤΩΝ ΑΝΑΠΗΡΩΝ ΚΑΙ ΘΥΜΑΤΩΝ

ΑΘΗΝΑΙ, 13. — Ὁ ὑπουργὸς Κοινωνικῶν Ὑπηρεσιῶν ἐδέχθη ἀντιπροσωπείαν τῶν ἀναπήρων καὶ θυμάτων πολέμου, ἡ ὁποία ἐξέθεσε τὰ αἰτήματα τῶν μελῶν της.

ΑΘΗΝΑΙ, 13. — Ὁ ὑπουργὸς Κοινωνικῶν Ὑπηρεσιῶν ἐδέχθη ἀντιπροσωπείαν τῶν ἀναπήρων καὶ θυμάτων πολέμου, ἡ ὁποία ἐξέθεσε τὰ αἰτήματα τῶν μελῶν της.

Ο ΚΑΘΟΡΙΣΜΟΣ ΚΑΤΟΤΑΤΩΝ ΤΙΜΩΝ ΣΥΣΚΕΥΑΣΜΕΝΟΥ ΕΛΑΙΟΥ

ΑΘΗΝΑΙ, 13. — Ὁ ὑπουργὸς Ἐμπορίου ἐκαθόρισε τὰς κατωτάτας τιμὰς τοῦ συσκευασμένου ἐλαίου εἰς τὴν λιανικὴν ἀγοράν, κατόπιν εἰσηγήσεως τῆς ἁρμοδίας ἐπιτροπῆς.

ΑΘΗΝΑΙ, 13. — Ὁ ὑπουργὸς Ἐμπορίου ἐκαθόρισε τὰς κατωτάτας τιμὰς τοῦ συσκευασμένου ἐλαίου εἰς τὴν λιανικὴν ἀγοράν, κατόπιν εἰσηγήσεως τῆς ἁρμοδίας ἐπιτροπῆς.

ΣΥΓΚΕΝΤΡΩΣΙΣ ΣΤΟΙΧΕΙΩΝ ΔΙΑ ΤΗΝ ΓΡΑΦΕΙΑ ΓΕΩΤΕΧΝΙΚΗΣ ΕΡΕΥΝΗΣ

ΑΘΗΝΑΙ, 13. — Ὁ ὑπουργὸς Βιομηχανίας ἀνέθεσεν εἰς τὰς ὑπηρεσίας τὴν συγκέντρωσιν στοιχείων διὰ τὴν ἵδρυσιν γραφείου γεωτεχνικῆς ἐρεύνης.

ΑΘΗΝΑΙ, 13. — Ὁ ὑπουργὸς Βιομηχανίας ἀνέθεσεν εἰς τὰς ὑπηρεσίας τὴν συγκέντρωσιν στοιχείων διὰ τὴν ἵδρυσιν γραφείου γεωτεχνικῆς ἐρεύνης.

Η 44Η ΕΠΕΤΕΙΟΣ ΤΗΣ ΑΠΕΛΕΥΘΕΡΩΣΕΩΣ ΤΗΣ ΘΡΑΚΗΣ

ΚΟΜΟΤΗΝΗ, 13. — Μὲ ἰδιαιτέραν λαμπρότητα ἐωρτάσθη ἡ 44η ἐπέτειος τῆς ἀπελευθερώσεως τῆς Θράκης. Ἐψάλη δοξολογία καὶ ἐγένετο παρέλασις τῶν σχολείων καὶ τῶν στρατιωτικῶν τμημάτων.

ΚΟΜΟΤΗΝΗ, 13. — Μὲ ἰδιαιτέραν λαμπρότητα ἐωρτάσθη ἡ 44η ἐπέτειος τῆς ἀπελευθερώσεως τῆς Θράκης. Ἐψάλη δοξολογία καὶ ἐγένετο παρέλασις τῶν σχολείων καὶ τῶν στρατιωτικῶν τμημάτων.

Ο ΧΑΙΛΕ ΣΕΛΑΣΙΕ ΕΙΣ ΤΗΝ ΚΕΝΥΑ

ΝΑΙΡΟΜΠΙ, 13. (Ρόυτερ). — Ὁ αὐτοκράτωρ τῆς Αἰθιοπίας Χαϊλὲ Σελασιὲ ἀφίχθη εἰς τὴν Κένυα διὰ ἐπίσημον ἐπίσκεψιν.

ΑΠΕΡΓΟΥΝ ΟΙ ΒΕΛΓΟΙ ΠΟΛΙΤΙΚΟΙ ΑΕΡΟΠΟΡΟΙ

ΒΡΥΞΕΛΛΑΙ, 13. (Ρόυτερ). — Εἰς ἀπεργίαν κατῆλθον οἱ Βέλγοι πολιτικοὶ ἀεροπόροι, ζητοῦντες βελτίωσιν τῶν ὅρων ἐργασίας.

ΒΡΥΞΕΛΛΑΙ, 13. (Ρόυτερ). — Εἰς ἀπεργίαν κατῆλθον οἱ Βέλγοι πολιτικοὶ ἀεροπόροι, ζητοῦντες βελτίωσιν τῶν ὅρων ἐργασίας.

ΟΜΟΓΕΝΗΣ ΕΖΗΤΗΣΕ ΤΗΝ ΕΞΙΣΛΑΜΙΣΙΝ

ΚΩΝΣΤΑΝΤΙΝΟΥΠΟΛΙΣ, 13. — Ὁμογενὴς ἐζήτησεν ἀπὸ τὰς ἀρχὰς τὴν ἐξισλάμισίν του, διὰ λόγους οἰκογενειακούς.

ΚΩΝΣΤΑΝΤΙΝΟΥΠΟΛΙΣ, 13. — Ὁμογενὴς ἐζήτησεν ἀπὸ τὰς ἀρχὰς τὴν ἐξισλάμισίν του, διὰ λόγους οἰκογενειακούς.

ΣΥΝΗΛΘΕ ΤΟ ΚΥΒΕΡΝΗΤΙΚΟΝ ΟΙΚΟΝΟΜΙΚΟΝ ΣΥΜΒΟΥΛΙΟΝ

ΑΘΗΝΑΙ, 13. — Συνῆλθε τὸ κυβερνητικὸν οἰκονομικὸν συμβούλιον καὶ ἐξήτασε τρέχοντα ζητήματα.

ΑΘΗΝΑΙ, 13. — Συνῆλθε τὸ κυβερνητικὸν οἰκονομικὸν συμβούλιον καὶ ἐξήτασε τρέχοντα ζητήματα.

ΕΝΕΚΡΙΘΗ Η ΕΞΑΓΩΓΗ ΕΙΣ ΤΗΝ ΣΟΒΙΕΤΙΚΗΝ ΕΝΩΣΙΝ ΠΟΣΟΤΗΤΟΣ ΚΑΠΝΩΝ ΑΞΙΑΣ 425.000 ΔΟΛΛΑΡΙΩΝ
ΝΕΑ ΣΥΝΕΡΓΑΣΙΑ ΕΠΙ ΤΗΣ ΠΡΟΤΑΣΕΩΣ ΤΗΣ ΠΟΛΩΝΙΑΣ

Συμφώνως πρὸς τὸ ἐπίσημον ἀνακοινωθὲν ἐνεκρίθη ἡ ἐξαγωγὴ εἰς τὴν Σοβιετικὴν Ἕνωσιν ποσότητος καπνῶν ἀξίας 425.000 δολλαρίων. Ἡ συμφωνία ὑπεγράφη μετὰ διαπραγματεύσεις πολλῶν ἑβδομάδων. Αἱ ποσότητες ἀφοροῦν εἰς καπνοὺς τῆς σοδειᾶς τοῦ τρέχοντος ἔτους, ποικιλιῶν Μακεδονίας καὶ Θράκης.

Συμφώνως πρὸς τὸ ἐπίσημον ἀνακοινωθὲν ἐνεκρίθη ἡ ἐξαγωγὴ εἰς τὴν Σοβιετικὴν Ἕνωσιν ποσότητος καπνῶν ἀξίας 425.000 δολλαρίων. Ἡ συμφωνία ὑπεγράφη μετὰ διαπραγματεύσεις πολλῶν ἑβδομάδων. Αἱ ποσότητες ἀφοροῦν εἰς καπνοὺς τῆς σοδειᾶς τοῦ τρέχοντος ἔτους, ποικιλιῶν Μακεδονίας καὶ Θράκης.

ΤΟ ΕΝΔΙΑΦΕΡΟΝ ΤΗΣ ΠΟΛΩΝΙΑΣ

ΑΘΗΝΑΙ, 13. — Ὁ ἐμπορικὸς ἀκόλουθος τῆς Πολωνίας ἐδήλωσεν ὅτι ἡ χώρα του ἐνδιαφέρεται διὰ τὴν ἀγορὰν ἑλληνικῶν καπνῶν, ἐν ἀνταλλαγῇ πρὸς βιομηχανικὰ προϊόντα.

Η ΕΞΑΓΩΓΗ ΕΙΣ ΡΩΣΣΙΑΝ

Ἐκ τῶν μέχρι τοῦδε στοιχείων προκύπτει ὅτι ἡ ἐξαγωγὴ καπνῶν πρὸς τὴν Ρωσσίαν σημειώνει αὔξησιν.

ΜΕΤΑ ΤΗΝ ΣΥΝΔΕΣΙΝ ΤΗΣ ΜΕ ΤΗΝ ΚΟΙΝΗΝ ΑΓΟΡΑΝ Η ΕΛΛΑΣ ΘΑ ΚΑΤΑΣΤΗ ΜΕΛΟΣ ΤΟΥ ΕΥΡΑΤΟΜ ΚΑΙ ΤΗΣ ΚΟΙΝΟΠΡΑΞΙΑΣ «ΑΝΘΡΑΚΟΣ ΚΑΙ ΧΑΛΥΒΟΣ»

ΒΡΥΞΕΛΛΑΙ, 13. (Ρόυτερ). — Κατόπιν τῆς συνδέσεως τῆς Ἑλλάδος μετὰ τῆς Εὐρωπαϊκῆς Οἰκονομικῆς Κοινότητος, ἡ χώρα θὰ καταστῇ μέλος τοῦ Εὐρατὸμ καὶ τῆς Κοινοπραξίας Ἄνθρακος καὶ Χάλυβος. Αἱ σχετικαὶ διαπραγματεύσεις θὰ ἀρχίσουν συντόμως εἰς Βρυξέλλας.

ΒΡΥΞΕΛΛΑΙ, 13. (Ρόυτερ). — Κατόπιν τῆς συνδέσεως τῆς Ἑλλάδος μετὰ τῆς Εὐρωπαϊκῆς Οἰκονομικῆς Κοινότητος, ἡ χώρα θὰ καταστῇ μέλος τοῦ Εὐρατὸμ καὶ τῆς Κοινοπραξίας Ἄνθρακος καὶ Χάλυβος. Αἱ σχετικαὶ διαπραγματεύσεις θὰ ἀρχίσουν συντόμως εἰς Βρυξέλλας.

ΕΝΕΚΤΙΜΗΤΟΣ ΒΥΖΑΝΤΙΝΟΣ ΠΙΝΑΞ ΖΩΓΡΑΦΙΚΗΣ ΕΚΤΙΘΕΤΑΙ ΥΠΟ ΤΩΝ ΣΟΥΔΑΝΩΝ ΕΙΣ ΤΟ ΠΕΡΙΠΤΕΡΟΝ ΤΗΣ ΕΚΘΕΣΕΩΣ ΝΕΑΣ ΥΟΡΚΗΣ

ΝΕΑ ΥΟΡΚΗ, 13. (Ρόυτερ). — Εἰς τὸ περίπτερον τοῦ Σουδὰν εἰς τὴν Διεθνῆ Ἔκθεσιν τῆς Νέας Ὑόρκης ἐκτίθεται ἀνεκτίμητος βυζαντινὸς πίναξ ζωγραφικῆς, ὁ ὁποῖος ἀνευρέθη κατὰ τὰς ἀνασκαφάς.

ΑΝΑΜΝΗΣΤΙΚΗ ΠΛΑΞ ΔΙΑ 3.000 ΕΛΛΗΝΑΣ ΦΟΝΕΥΘΕΝΤΑΣ ΕΙΣ ΣΤΡΑΤΟΠΕΔΟΝ

ΒΙΕΝΝΗ, 13. — Εἰς τὸ Μαουτχάουζεν ἐτοποθετήθη ἀναμνηστικὴ πλὰξ διὰ τοὺς 3.000 Ἕλληνας, οἱ ὁποῖοι ἐφονεύθησαν εἰς τὸ στρατόπεδον συγκεντρώσεως.

ΝΕΑ ΥΟΡΚΗ, 13. (Ρόυτερ). — Εἰς τὸ περίπτερον τοῦ Σουδὰν εἰς τὴν Διεθνῆ Ἔκθεσιν τῆς Νέας Ὑόρκης ἐκτίθεται ἀνεκτίμητος βυζαντινὸς πίναξ ζωγραφικῆς, ὁ ὁποῖος ἀνευρέθη κατὰ τὰς ἀνασκαφάς.

ΘΕΡΜΟΤΑΤΑ ΣΧΟΛΙΑ ΤΟΥ ΑΓΓΛΙΚΟΥ ΤΥΠΟΥ ΔΙΑ ΤΗΝ ΠΑΡΑΣΤΑΣΙΝ ΤΩΝ «ΟΡΝΙΘΩΝ» ΥΠΟ ΤΟΥ ΘΕΑΤΡΟΥ ΤΕΧΝΗΣ ΚΑΡΟΛΟΥ ΚΟΥΝ

ΛΟΝΔΙΝΟΝ, 13. (Ἀθην. Πρακτ.). — Θερμότατα σχόλια δημοσιεύει ὁ ἀγγλικὸς τύπος διὰ τὴν παράστασιν τῶν «Ὀρνίθων» τοῦ Ἀριστοφάνους ὑπὸ τοῦ Θεάτρου Τέχνης τοῦ Καρόλου Κουν. Οἱ κριτικοὶ ἐξαίρουν τὴν σκηνοθεσίαν καὶ τὴν ἑρμηνείαν τῶν ἠθοποιῶν, χαρακτηρίζοντες τὴν παράστασιν ὡς ἓν ἀπὸ τὰ σημαντικώτερα θεατρικὰ γεγονότα τοῦ ἔτους.

ΛΟΝΔΙΝΟΝ, 13. (Ἀθην. Πρακτ.). — Θερμότατα σχόλια δημοσιεύει ὁ ἀγγλικὸς τύπος διὰ τὴν παράστασιν τῶν «Ὀρνίθων» τοῦ Ἀριστοφάνους ὑπὸ τοῦ Θεάτρου Τέχνης τοῦ Καρόλου Κουν. Οἱ κριτικοὶ ἐξαίρουν τὴν σκηνοθεσίαν καὶ τὴν ἑρμηνείαν τῶν ἠθοποιῶν, χαρακτηρίζοντες τὴν παράστασιν ὡς ἓν ἀπὸ τὰ σημαντικώτερα θεατρικὰ γεγονότα τοῦ ἔτους.

ΕΝΟΘΕΥΘΗ Η ΛΑΪΚΗ ΘΕΛΗΣΙΣ ΕΙΣ ΠΑΝΑΜΑΝ ΚΑΤΑ ΤΑΣ ΠΡΟΕΔΡΙΚΑΣ ΕΚΛΟΓΑΣ ΔΙΑΚΗΡΥΣΣΕΤΑΙ ΥΠΟ ΤΗΣ ΑΝΤΙΠΟΛΙΤΕΥΣΕΩΣ

ΠΟΛΙΣ ΤΟΥ ΠΑΝΑΜΑ, 13. (Ρόυτερ). — Ἡ ἀντιπολίτευσις διακηρύσσει ὅτι ἐνοθεύθη ἡ λαϊκὴ θέλησις κατὰ τὰς προεδρικὰς ἐκλογάς. Τὰ ἀποτελέσματα δὲν ἔχουν ἀνακοινωθῆ ἐπισήμως.

ΠΟΛΙΣ ΤΟΥ ΠΑΝΑΜΑ, 13. (Ρόυτερ). — Ἡ ἀντιπολίτευσις διακηρύσσει ὅτι ἐνοθεύθη ἡ λαϊκὴ θέλησις κατὰ τὰς προεδρικὰς ἐκλογάς. Τὰ ἀποτελέσματα δὲν ἔχουν ἀνακοινωθῆ ἐπισήμως.

ΔΙΕΝΕΡΓΕΙΤΑΙ ΣΗΜΕΡΟΝ ΕΙΣ ΘΕΣΣΑΛΟΝΙΚΗΝ Ο ΕΡΑΝΟΣ ΔΙΑ ΤΟΝ ΑΝΤΙΚΑΡΚΙΝΙΚΟΝ ΑΓΩΝΑ

Διενεργεῖται σήμερον ὁ ἔρανος διὰ τὸν ἀντικαρκινικὸν ἀγῶνα εἰς Θεσσαλονίκην. Ἐθελονταὶ θὰ περιέλθουν τὰς ὁδοὺς τῆς πόλεως διὰ τὴν συλλογὴν εἰσφορῶν. Ἡ Ἑταιρία καλεῖ τοὺς πολίτας νὰ ἐνισχύσουν τὸν ἔρανον ὥστε νὰ συνεχισθῇ τὸ ἔργον τῆς προλήψεως καὶ τῆς ἐγκαίρου διαγνώσεως τῆς νόσου.

Διενεργεῖται σήμερον ὁ ἔρανος διὰ τὸν ἀντικαρκινικὸν ἀγῶνα εἰς Θεσσαλονίκην. Ἐθελονταὶ θὰ περιέλθουν τὰς ὁδοὺς τῆς πόλεως διὰ τὴν συλλογὴν εἰσφορῶν. Ἡ Ἑταιρία καλεῖ τοὺς πολίτας νὰ ἐνισχύσουν τὸν ἔρανον ὥστε νὰ συνεχισθῇ τὸ ἔργον τῆς προλήψεως καὶ τῆς ἐγκαίρου διαγνώσεως τῆς νόσου.

Ο ΜΠΕΝ ΜΠΕΛΛΑ ΕΠΙΣΤΡΕΨΑΣ ΕΙΣ ΠΡΑΓΑΝ ΩΜΙΛΗΣΕΝ ΠΡΟΣ ΛΑΪΚΗΝ ΣΥΓΚΕΝΤΡΩΣΙΝ

ΠΡΑΓΑ, 13. (Ρόυτερ). — Ὁ Πρόεδρος τῆς Ἀλγερίας Μπὲν Μπέλλα, ἐπιστρέψας εἰς Πράγαν, ὡμίλησε πρὸς λαϊκὴν συγκέντρωσιν εἰς τὴν κεντρικὴν πλατεῖαν. Εἰς τὸν λόγον του ἀνεφέρθη εἰς τοὺς ἀγῶνας τῶν λαῶν τῆς Ἀφρικῆς διὰ τὴν ἀνεξαρτησίαν των καὶ εἰς τὴν ἀνάγκην στενωτέρας συνεργασίας μετὰ τῶν χωρῶν τῆς Ἀνατολικῆς Εὐρώπης.

ΠΡΑΓΑ, 13. (Ρόυτερ). — Ὁ Πρόεδρος τῆς Ἀλγερίας Μπὲν Μπέλλα, ἐπιστρέψας εἰς Πράγαν, ὡμίλησε πρὸς λαϊκὴν συγκέντρωσιν εἰς τὴν κεντρικὴν πλατεῖαν. Εἰς τὸν λόγον του ἀνεφέρθη εἰς τοὺς ἀγῶνας τῶν λαῶν τῆς Ἀφρικῆς διὰ τὴν ἀνεξαρτησίαν των καὶ εἰς τὴν ἀνάγκην στενωτέρας συνεργασίας μετὰ τῶν χωρῶν τῆς Ἀνατολικῆς Εὐρώπης.

ΠΡΑΓΑ, 13. (Ρόυτερ). — Ὁ Πρόεδρος τῆς Ἀλγερίας Μπὲν Μπέλλα, ἐπιστρέψας εἰς Πράγαν, ὡμίλησε πρὸς λαϊκὴν συγκέντρωσιν εἰς τὴν κεντρικὴν πλατεῖαν. Εἰς τὸν λόγον του ἀνεφέρθη εἰς τοὺς ἀγῶνας τῶν λαῶν τῆς Ἀφρικῆς διὰ τὴν ἀνεξαρτησίαν των καὶ εἰς τὴν ἀνάγκην στενωτέρας συνεργασίας μετὰ τῶν χωρῶν τῆς Ἀνατολικῆς Εὐρώπης.

Η ΑΝ. ΓΕΡΜΑΝΙΑ ΚΑΙ Η ΟΥΓΓΑΡΙΑ ΕΥΝΟΟΥΝ ΤΗΝ ΑΝΑΠΤΥΞΙΝ ΤΩΝ ΣΧΕΣΕΩΝ ΜΕ ΤΗΝ ΔΥΣΙΝ

ΒΙΕΝΝΗ, 13. (Ρόυτερ). — Ἡ Ἀνατολικὴ Γερμανία καὶ ἡ Οὐγγαρία ἐκδηλώνουν τὴν πρόθεσίν των ὅπως ἀναπτύξουν τὰς σχέσεις των μετὰ τῶν δυτικῶν χωρῶν, ἰδίως εἰς τὸν οἰκονομικὸν τομέα. Ἐκπρόσωποι τῶν δύο χωρῶν ἐδήλωσαν ὅτι ἐπιδιώκουν τὴν αὔξησιν τοῦ ἐμπορίου καὶ τὴν ἀνταλλαγὴν τεχνικῶν γνώσεων μετὰ τῆς Δύσεως.

ΒΙΕΝΝΗ, 13. (Ρόυτερ). — Ἡ Ἀνατολικὴ Γερμανία καὶ ἡ Οὐγγαρία ἐκδηλώνουν τὴν πρόθεσίν των ὅπως ἀναπτύξουν τὰς σχέσεις των μετὰ τῶν δυτικῶν χωρῶν, ἰδίως εἰς τὸν οἰκονομικὸν τομέα. Ἐκπρόσωποι τῶν δύο χωρῶν ἐδήλωσαν ὅτι ἐπιδιώκουν τὴν αὔξησιν τοῦ ἐμπορίου καὶ τὴν ἀνταλλαγὴν τεχνικῶν γνώσεων μετὰ τῆς Δύσεως.
